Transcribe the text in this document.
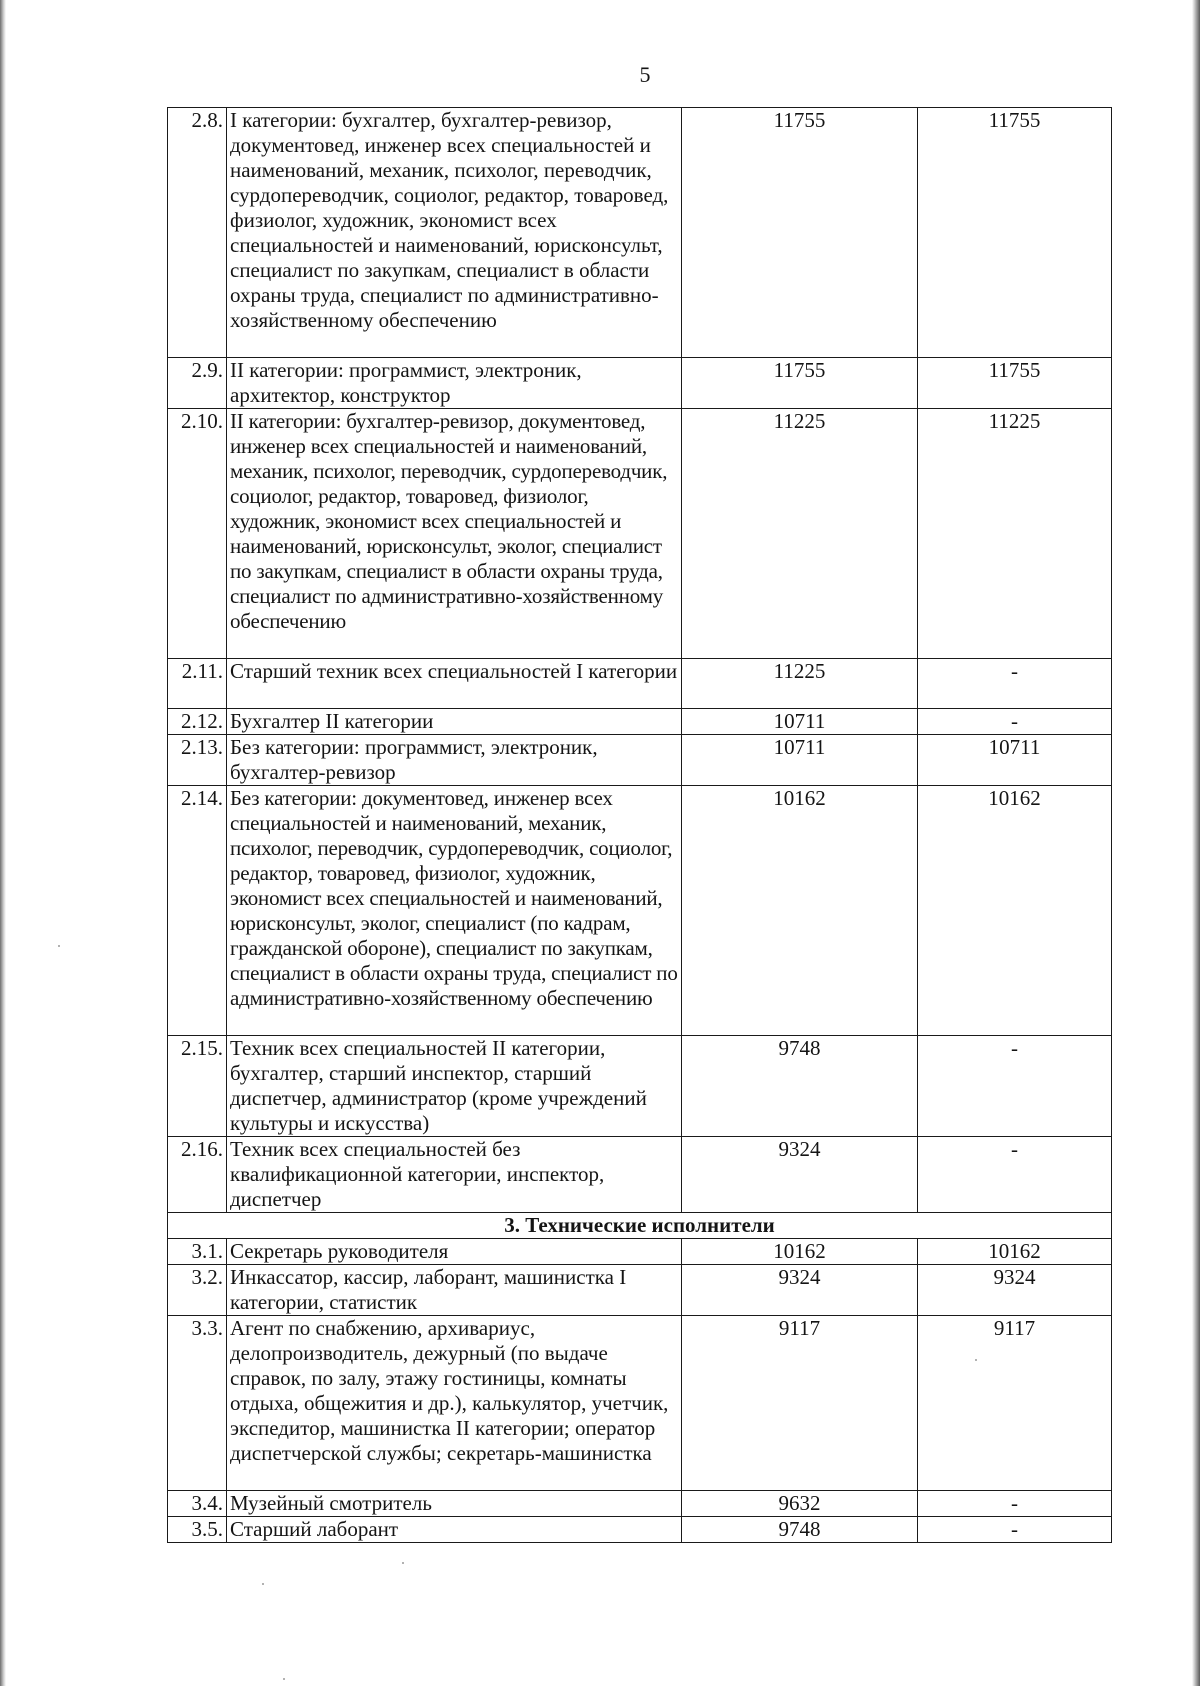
5
2.8.	I категории: бухгалтер, бухгалтер-ревизор, документовед, инженер всех специальностей и наименований, механик, психолог, переводчик, сурдопереводчик, социолог, редактор, товаровед, физиолог, художник, экономист всех специальностей и наименований, юрисконсульт, специалист по закупкам, специалист в области охраны труда, специалист по административно-хозяйственному обеспечению	11755	11755
2.9.	II категории: программист, электроник, архитектор, конструктор	11755	11755
2.10.	II категории: бухгалтер-ревизор, документовед, инженер всех специальностей и наименований, механик, психолог, переводчик, сурдопереводчик, социолог, редактор, товаровед, физиолог, художник, экономист всех специальностей и наименований, юрисконсульт, эколог, специалист по закупкам, специалист в области охраны труда, специалист по административно-хозяйственному обеспечению	11225	11225
2.11.	Старший техник всех специальностей I категории	11225	-
2.12.	Бухгалтер II категории	10711	-
2.13.	Без категории: программист, электроник, бухгалтер-ревизор	10711	10711
2.14.	Без категории: документовед, инженер всех специальностей и наименований, механик, психолог, переводчик, сурдопереводчик, социолог, редактор, товаровед, физиолог, художник, экономист всех специальностей и наименований, юрисконсульт, эколог, специалист (по кадрам, гражданской обороне), специалист по закупкам, специалист в области охраны труда, специалист по административно-хозяйственному обеспечению	10162	10162
2.15.	Техник всех специальностей II категории, бухгалтер, старший инспектор, старший диспетчер, администратор (кроме учреждений культуры и искусства)	9748	-
2.16.	Техник всех специальностей без квалификационной категории, инспектор, диспетчер	9324	-
3. Технические исполнители			
3.1.	Секретарь руководителя	10162	10162
3.2.	Инкассатор, кассир, лаборант, машинистка I категории, статистик	9324	9324
3.3.	Агент по снабжению, архивариус, делопроизводитель, дежурный (по выдаче справок, по залу, этажу гостиницы, комнаты отдыха, общежития и др.), калькулятор, учетчик, экспедитор, машинистка II категории; оператор диспетчерской службы; секретарь-машинистка	9117	9117
3.4.	Музейный смотритель	9632	-
3.5.	Старший лаборант	9748	-
